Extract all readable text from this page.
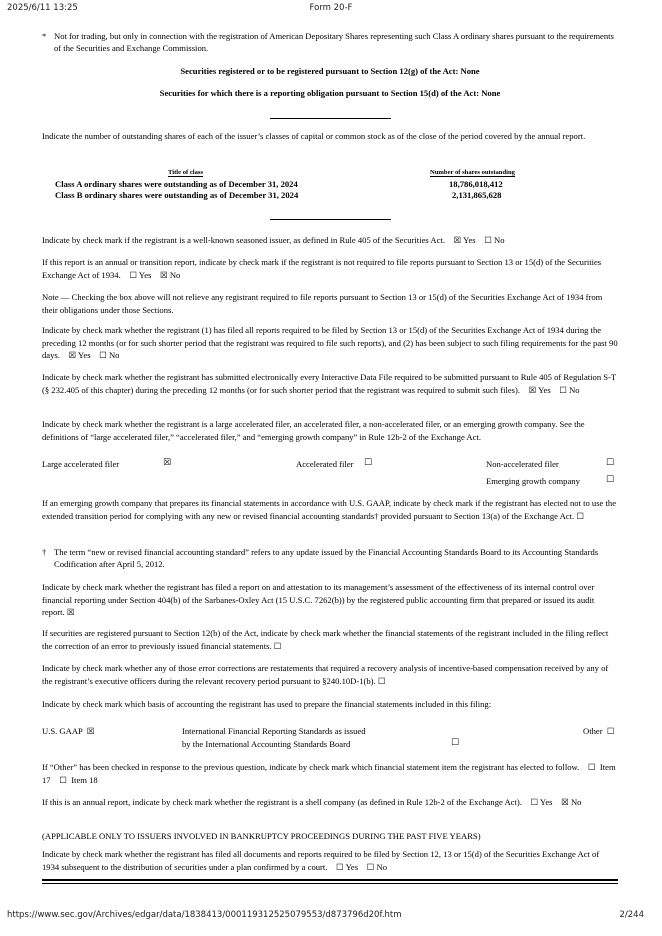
2025/6/11 13:25	Form 20-F
* Not for trading, but only in connection with the registration of American Depositary Shares representing such Class A ordinary shares pursuant to the requirements of the Securities and Exchange Commission.
Securities registered or to be registered pursuant to Section 12(g) of the Act: None
Securities for which there is a reporting obligation pursuant to Section 15(d) of the Act: None
Indicate the number of outstanding shares of each of the issuer’s classes of capital or common stock as of the close of the period covered by the annual report.
Title of class	Number of shares outstanding
Class A ordinary shares were outstanding as of December 31, 2024	18,786,018,412
Class B ordinary shares were outstanding as of December 31, 2024	2,131,865,628
Indicate by check mark if the registrant is a well-known seasoned issuer, as defined in Rule 405 of the Securities Act.    ☒ Yes    ☐ No
If this report is an annual or transition report, indicate by check mark if the registrant is not required to file reports pursuant to Section 13 or 15(d) of the Securities Exchange Act of 1934.    ☐ Yes    ☒ No
Note — Checking the box above will not relieve any registrant required to file reports pursuant to Section 13 or 15(d) of the Securities Exchange Act of 1934 from their obligations under those Sections.
Indicate by check mark whether the registrant (1) has filed all reports required to be filed by Section 13 or 15(d) of the Securities Exchange Act of 1934 during the preceding 12 months (or for such shorter period that the registrant was required to file such reports), and (2) has been subject to such filing requirements for the past 90 days.    ☒ Yes    ☐ No
Indicate by check mark whether the registrant has submitted electronically every Interactive Data File required to be submitted pursuant to Rule 405 of Regulation S-T (§ 232.405 of this chapter) during the preceding 12 months (or for such shorter period that the registrant was required to submit such files).    ☒ Yes    ☐ No
Indicate by check mark whether the registrant is a large accelerated filer, an accelerated filer, a non-accelerated filer, or an emerging growth company. See the definitions of “large accelerated filer,” “accelerated filer,” and “emerging growth company” in Rule 12b-2 of the Exchange Act.
Large accelerated filer	☒	Accelerated filer ☐	Non-accelerated filer	☐
Emerging growth company	☐
If an emerging growth company that prepares its financial statements in accordance with U.S. GAAP, indicate by check mark if the registrant has elected not to use the extended transition period for complying with any new or revised financial accounting standards† provided pursuant to Section 13(a) of the Exchange Act. ☐
† The term “new or revised financial accounting standard” refers to any update issued by the Financial Accounting Standards Board to its Accounting Standards Codification after April 5, 2012.
Indicate by check mark whether the registrant has filed a report on and attestation to its management’s assessment of the effectiveness of its internal control over financial reporting under Section 404(b) of the Sarbanes-Oxley Act (15 U.S.C. 7262(b)) by the registered public accounting firm that prepared or issued its audit report. ☒
If securities are registered pursuant to Section 12(b) of the Act, indicate by check mark whether the financial statements of the registrant included in the filing reflect the correction of an error to previously issued financial statements. ☐
Indicate by check mark whether any of those error corrections are restatements that required a recovery analysis of incentive-based compensation received by any of the registrant’s executive officers during the relevant recovery period pursuant to §240.10D-1(b). ☐
Indicate by check mark which basis of accounting the registrant has used to prepare the financial statements included in this filing:
U.S. GAAP  ☒	International Financial Reporting Standards as issued
by the International Accounting Standards Board	☐
Other  ☐
If “Other” has been checked in response to the previous question, indicate by check mark which financial statement item the registrant has elected to follow.    ☐  Item 17    ☐  Item 18
If this is an annual report, indicate by check mark whether the registrant is a shell company (as defined in Rule 12b-2 of the Exchange Act).    ☐ Yes    ☒ No
(APPLICABLE ONLY TO ISSUERS INVOLVED IN BANKRUPTCY PROCEEDINGS DURING THE PAST FIVE YEARS)
Indicate by check mark whether the registrant has filed all documents and reports required to be filed by Section 12, 13 or 15(d) of the Securities Exchange Act of 1934 subsequent to the distribution of securities under a plan confirmed by a court.    ☐ Yes    ☐ No
https://www.sec.gov/Archives/edgar/data/1838413/000119312525079553/d873796d20f.htm	2/244
